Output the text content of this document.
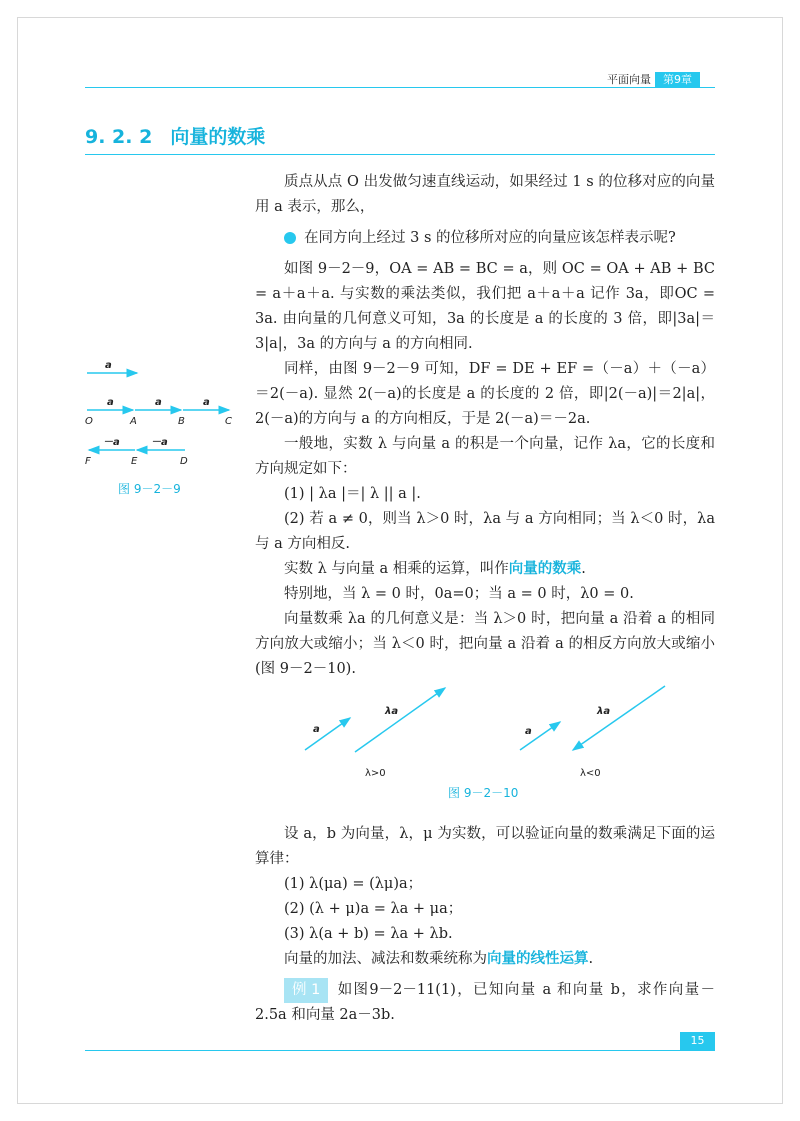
平面向量	第9章
9. 2. 2 向量的数乘
a
a	a	a
O	A	B	C
－a	－a
F	E	D
图 9－2－9

质点从点 O 出发做匀速直线运动，如果经过 1 s 的位移对应的向量用 a 表示，那么，

在同方向上经过 3 s 的位移所对应的向量应该怎样表示呢?

如图 9－2－9，OA = AB = BC = a，则 OC = OA + AB + BC = a＋a＋a. 与实数的乘法类似，我们把 a＋a＋a 记作 3a，即OC = 3a. 由向量的几何意义可知，3a 的长度是 a 的长度的 3 倍，即|3a|＝3|a|，3a 的方向与 a 的方向相同.

同样，由图 9－2－9 可知，DF = DE + EF =（－a）＋（－a）＝2(－a). 显然 2(－a)的长度是 a 的长度的 2 倍，即|2(－a)|＝2|a|，2(－a)的方向与 a 的方向相反，于是 2(－a)＝－2a.

一般地，实数 λ 与向量 a 的积是一个向量，记作 λa，它的长度和方向规定如下：

(1) | λa |＝| λ || a |.

(2) 若 a ≠ 0，则当 λ＞0 时，λa 与 a 方向相同；当 λ＜0 时，λa 与 a 方向相反.

实数 λ 与向量 a 相乘的运算，叫作向量的数乘.

特别地，当 λ = 0 时，0a=0；当 a = 0 时，λ0 = 0.

向量数乘 λa 的几何意义是：当 λ＞0 时，把向量 a 沿着 a 的相同方向放大或缩小；当 λ＜0 时，把向量 a 沿着 a 的相反方向放大或缩小(图 9－2－10).

设 a，b 为向量，λ，μ 为实数，可以验证向量的数乘满足下面的运算律：

(1) λ(μa) = (λμ)a；

(2) (λ + μ)a = λa + μa；

(3) λ(a + b) = λa + λb.

向量的加法、减法和数乘统称为向量的线性运算.

例 1 如图9－2－11(1)，已知向量 a 和向量 b，求作向量－2.5a 和向量 2a－3b.

a
λa
λ>0
a
λa
λ<0
图 9－2－10
15
